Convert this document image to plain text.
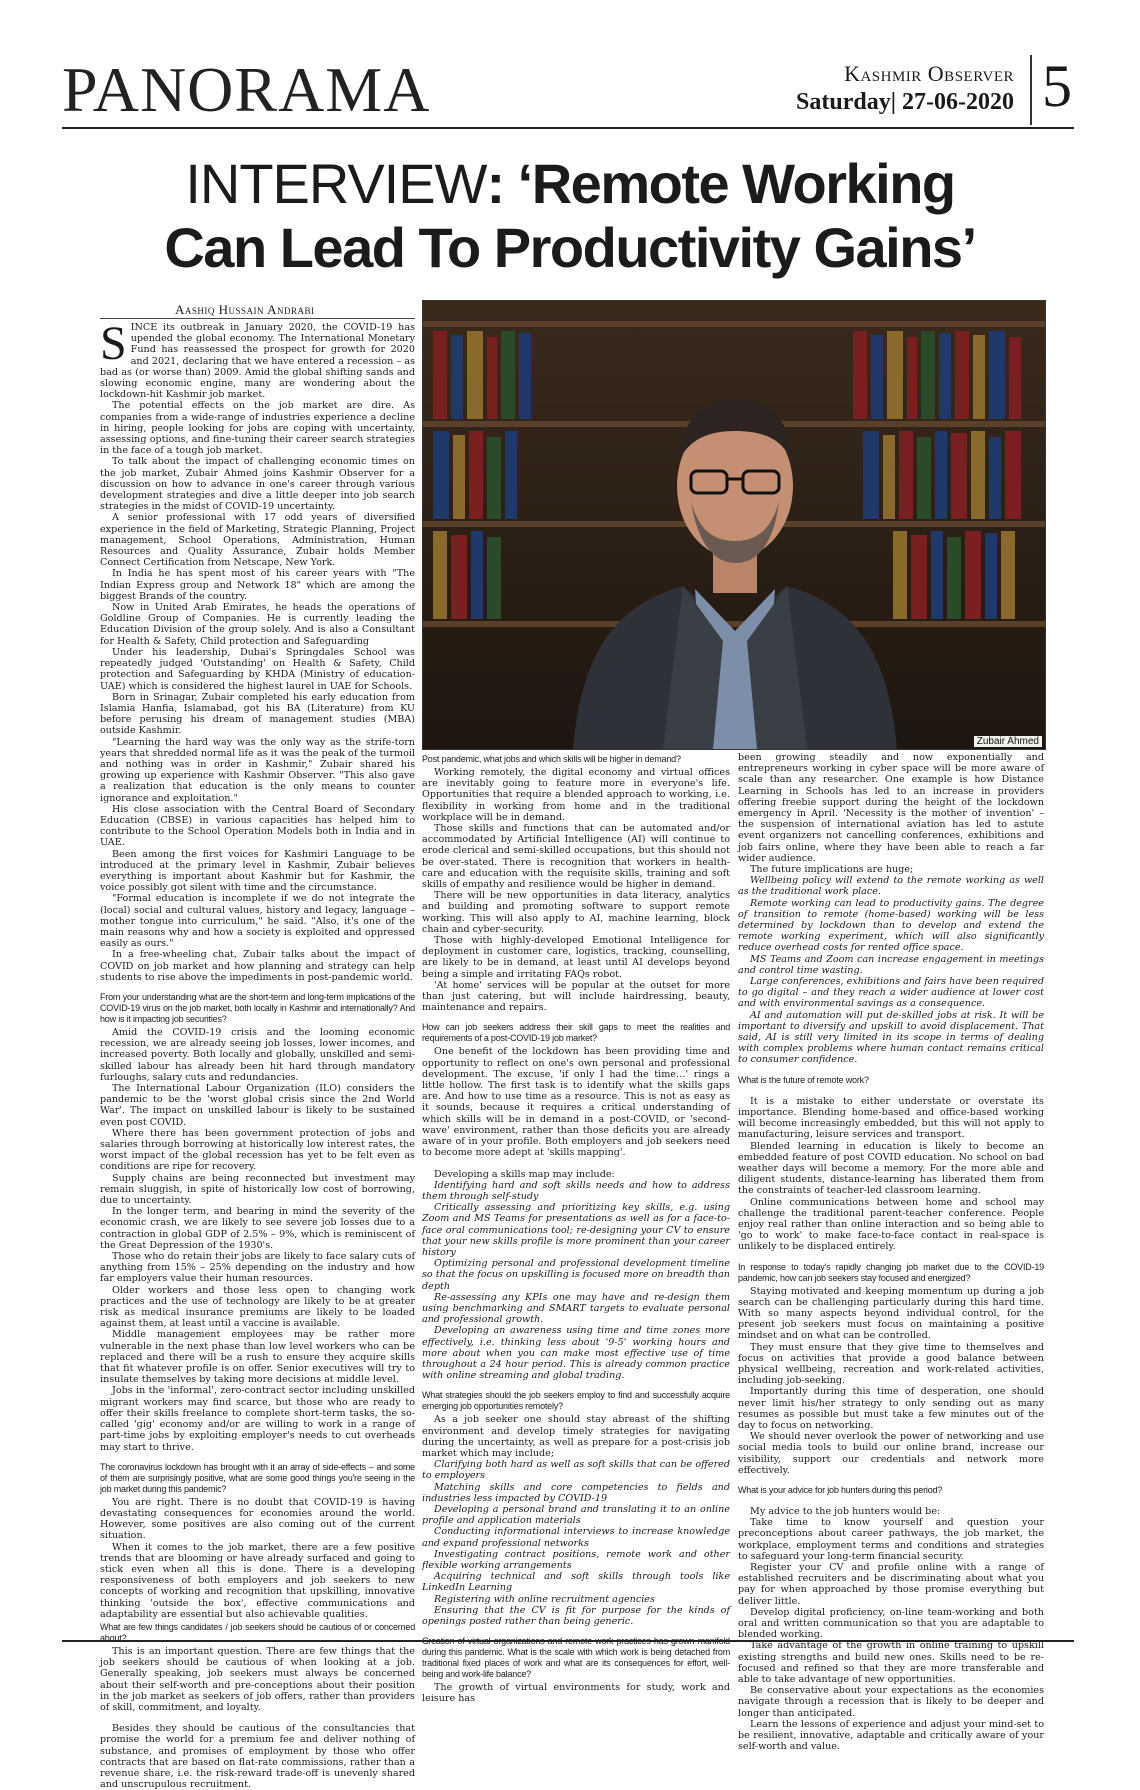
PANORAMA	Kashmir Observer
Saturday| 27-06-2020 5
INTERVIEW: ‘Remote Working
Can Lead To Productivity Gains’
Aashiq Hussain Andrabi

SINCE its outbreak in January 2020, the COVID-19 has upended the global economy. The International Monetary Fund has reassessed the prospect for growth for 2020 and 2021, declaring that we have entered a recession – as bad as (or worse than) 2009. Amid the global shifting sands and slowing economic engine, many are wondering about the lockdown-hit Kashmir job market.

The potential effects on the job market are dire. As companies from a wide-range of industries experience a decline in hiring, people looking for jobs are coping with uncertainty, assessing options, and fine-tuning their career search strategies in the face of a tough job market.

To talk about the impact of challenging economic times on the job market, Zubair Ahmed joins Kashmir Observer for a discussion on how to advance in one's career through various development strategies and dive a little deeper into job search strategies in the midst of COVID-19 uncertainty.

A senior professional with 17 odd years of diversified experience in the field of Marketing, Strategic Planning, Project management, School Operations, Administration, Human Resources and Quality Assurance, Zubair holds Member Connect Certification from Netscape, New York.

In India he has spent most of his career years with "The Indian Express group and Network 18" which are among the biggest Brands of the country.

Now in United Arab Emirates, he heads the operations of Goldline Group of Companies. He is currently leading the Education Division of the group solely. And is also a Consultant for Health & Safety, Child protection and Safeguarding

Under his leadership, Dubai's Springdales School was repeatedly judged 'Outstanding' on Health & Safety, Child protection and Safeguarding by KHDA (Ministry of education- UAE) which is considered the highest laurel in UAE for Schools.

Born in Srinagar, Zubair completed his early education from Islamia Hanfia, Islamabad, got his BA (Literature) from KU before perusing his dream of management studies (MBA) outside Kashmir.

"Learning the hard way was the only way as the strife-torn years that shredded normal life as it was the peak of the turmoil and nothing was in order in Kashmir," Zubair shared his growing up experience with Kashmir Observer. "This also gave a realization that education is the only means to counter ignorance and exploitation."

His close association with the Central Board of Secondary Education (CBSE) in various capacities has helped him to contribute to the School Operation Models both in India and in UAE.

Been among the first voices for Kashmiri Language to be introduced at the primary level in Kashmir, Zubair believes everything is important about Kashmir but for Kashmir, the voice possibly got silent with time and the circumstance.

"Formal education is incomplete if we do not integrate the (local) social and cultural values, history and legacy, language – mother tongue into curriculum," he said. "Also, it's one of the main reasons why and how a society is exploited and oppressed easily as ours."

In a free-wheeling chat, Zubair talks about the impact of COVID on job market and how planning and strategy can help students to rise above the impediments in post-pandemic world.

From your understanding what are the short-term and long-term implications of the COVID-19 virus on the job market, both locally in Kashmir and internationally? And how is it impacting job securities?

Amid the COVID-19 crisis and the looming economic recession, we are already seeing job losses, lower incomes, and increased poverty. Both locally and globally, unskilled and semi-skilled labour has already been hit hard through mandatory furloughs, salary cuts and redundancies.

The International Labour Organization (ILO) considers the pandemic to be the 'worst global crisis since the 2nd World War'. The impact on unskilled labour is likely to be sustained even post COVID.

Where there has been government protection of jobs and salaries through borrowing at historically low interest rates, the worst impact of the global recession has yet to be felt even as conditions are ripe for recovery.

Supply chains are being reconnected but investment may remain sluggish, in spite of historically low cost of borrowing, due to uncertainty.

In the longer term, and bearing in mind the severity of the economic crash, we are likely to see severe job losses due to a contraction in global GDP of 2.5% – 9%, which is reminiscent of the Great Depression of the 1930's.

Those who do retain their jobs are likely to face salary cuts of anything from 15% – 25% depending on the industry and how far employers value their human resources.

Older workers and those less open to changing work practices and the use of technology are likely to be at greater risk as medical insurance premiums are likely to be loaded against them, at least until a vaccine is available.

Middle management employees may be rather more vulnerable in the next phase than low level workers who can be replaced and there will be a rush to ensure they acquire skills that fit whatever profile is on offer. Senior executives will try to insulate themselves by taking more decisions at middle level.

Jobs in the 'informal', zero-contract sector including unskilled migrant workers may find scarce, but those who are ready to offer their skills freelance to complete short-term tasks, the so-called 'gig' economy and/or are willing to work in a range of part-time jobs by exploiting employer's needs to cut overheads may start to thrive.

The coronavirus lockdown has brought with it an array of side-effects – and some of them are surprisingly positive, what are some good things you're seeing in the job market during this pandemic?

You are right. There is no doubt that COVID-19 is having devastating consequences for economies around the world. However, some positives are also coming out of the current situation.

When it comes to the job market, there are a few positive trends that are blooming or have already surfaced and going to stick even when all this is done. There is a developing responsiveness of both employers and job seekers to new concepts of working and recognition that upskilling, innovative thinking 'outside the box', effective communications and adaptability are essential but also achievable qualities.

What are few things candidates / job seekers should be cautious of or concerned about?

This is an important question. There are few things that the job seekers should be cautious of when looking at a job. Generally speaking, job seekers must always be concerned about their self-worth and pre-conceptions about their position in the job market as seekers of job offers, rather than providers of skill, commitment, and loyalty.

Besides they should be cautious of the consultancies that promise the world for a premium fee and deliver nothing of substance, and promises of employment by those who offer contracts that are based on flat-rate commissions, rather than a revenue share, i.e. the risk-reward trade-off is unevenly shared and unscrupulous recruitment.

Zubair Ahmed

Post pandemic, what jobs and which skills will be higher in demand?

Working remotely, the digital economy and virtual offices are inevitably going to feature more in everyone's life. Opportunities that require a blended approach to working, i.e. flexibility in working from home and in the traditional workplace will be in demand.

Those skills and functions that can be automated and/or accommodated by Artificial Intelligence (AI) will continue to erode clerical and semi-skilled occupations, but this should not be over-stated. There is recognition that workers in health-care and education with the requisite skills, training and soft skills of empathy and resilience would be higher in demand.

There will be new opportunities in data literacy, analytics and building and promoting software to support remote working. This will also apply to AI, machine learning, block chain and cyber-security.

Those with highly-developed Emotional Intelligence for deployment in customer care, logistics, tracking, counselling, are likely to be in demand, at least until AI develops beyond being a simple and irritating FAQs robot.

'At home' services will be popular at the outset for more than just catering, but will include hairdressing, beauty, maintenance and repairs.

How can job seekers address their skill gaps to meet the realities and requirements of a post-COVID-19 job market?

One benefit of the lockdown has been providing time and opportunity to reflect on one's own personal and professional development. The excuse, 'if only I had the time…' rings a little hollow. The first task is to identify what the skills gaps are. And how to use time as a resource. This is not as easy as it sounds, because it requires a critical understanding of which skills will be in demand in a post-COVID, or 'second-wave' environment, rather than those deficits you are already aware of in your profile. Both employers and job seekers need to become more adept at 'skills mapping'.

Developing a skills map may include:

Identifying hard and soft skills needs and how to address them through self-study

Critically assessing and prioritizing key skills, e.g. using Zoom and MS Teams for presentations as well as for a face-to-face oral communications tool; re-designing your CV to ensure that your new skills profile is more prominent than your career history

Optimizing personal and professional development timeline so that the focus on upskilling is focused more on breadth than depth

Re-assessing any KPIs one may have and re-design them using benchmarking and SMART targets to evaluate personal and professional growth.

Developing an awareness using time and time zones more effectively, i.e. thinking less about '9-5' working hours and more about when you can make most effective use of time throughout a 24 hour period. This is already common practice with online streaming and global trading.

What strategies should the job seekers employ to find and successfully acquire emerging job opportunities remotely?

As a job seeker one should stay abreast of the shifting environment and develop timely strategies for navigating during the uncertainty, as well as prepare for a post-crisis job market which may include;

Clarifying both hard as well as soft skills that can be offered to employers

Matching skills and core competencies to fields and industries less impacted by COVID-19

Developing a personal brand and translating it to an online profile and application materials

Conducting informational interviews to increase knowledge and expand professional networks

Investigating contract positions, remote work and other flexible working arrangements

Acquiring technical and soft skills through tools like LinkedIn Learning

Registering with online recruitment agencies

Ensuring that the CV is fit for purpose for the kinds of openings posted rather than being generic.

Creation of virtual organizations and remote work practices has grown manifold during this pandemic. What is the scale with which work is being detached from traditional fixed places of work and what are its consequences for effort, well-being and work-life balance?

The growth of virtual environments for study, work and leisure has

been growing steadily and now exponentially and entrepreneurs working in cyber space will be more aware of scale than any researcher. One example is how Distance Learning in Schools has led to an increase in providers offering freebie support during the height of the lockdown emergency in April. 'Necessity is the mother of invention' – the suspension of international aviation has led to astute event organizers not cancelling conferences, exhibitions and job fairs online, where they have been able to reach a far wider audience.

The future implications are huge;

Wellbeing policy will extend to the remote working as well as the traditional work place.

Remote working can lead to productivity gains. The degree of transition to remote (home-based) working will be less determined by lockdown than to develop and extend the remote working experiment, which will also significantly reduce overhead costs for rented office space.

MS Teams and Zoom can increase engagement in meetings and control time wasting.

Large conferences, exhibitions and fairs have been required to go digital – and they reach a wider audience at lower cost and with environmental savings as a consequence.

AI and automation will put de-skilled jobs at risk. It will be important to diversify and upskill to avoid displacement. That said, AI is still very limited in its scope in terms of dealing with complex problems where human contact remains critical to consumer confidence.

What is the future of remote work?

It is a mistake to either understate or overstate its importance. Blending home-based and office-based working will become increasingly embedded, but this will not apply to manufacturing, leisure services and transport.

Blended learning in education is likely to become an embedded feature of post COVID education. No school on bad weather days will become a memory. For the more able and diligent students, distance-learning has liberated them from the constraints of teacher-led classroom learning.

Online communications between home and school may challenge the traditional parent-teacher conference. People enjoy real rather than online interaction and so being able to 'go to work' to make face-to-face contact in real-space is unlikely to be displaced entirely.

In response to today's rapidly changing job market due to the COVID-19 pandemic, how can job seekers stay focused and energized?

Staying motivated and keeping momentum up during a job search can be challenging particularly during this hard time. With so many aspects beyond individual control, for the present job seekers must focus on maintaining a positive mindset and on what can be controlled.

They must ensure that they give time to themselves and focus on activities that provide a good balance between physical wellbeing, recreation and work-related activities, including job-seeking.

Importantly during this time of desperation, one should never limit his/her strategy to only sending out as many resumes as possible but must take a few minutes out of the day to focus on networking.

We should never overlook the power of networking and use social media tools to build our online brand, increase our visibility, support our credentials and network more effectively.

What is your advice for job hunters during this period?

My advice to the job hunters would be:

Take time to know yourself and question your preconceptions about career pathways, the job market, the workplace, employment terms and conditions and strategies to safeguard your long-term financial security.

Register your CV and profile online with a range of established recruiters and be discriminating about what you pay for when approached by those promise everything but deliver little.

Develop digital proficiency, on-line team-working and both oral and written communication so that you are adaptable to blended working.

Take advantage of the growth in online training to upskill existing strengths and build new ones. Skills need to be re-focused and refined so that they are more transferable and able to take advantage of new opportunities.

Be conservative about your expectations as the economies navigate through a recession that is likely to be deeper and longer than anticipated.

Learn the lessons of experience and adjust your mind-set to be resilient, innovative, adaptable and critically aware of your self-worth and value.
